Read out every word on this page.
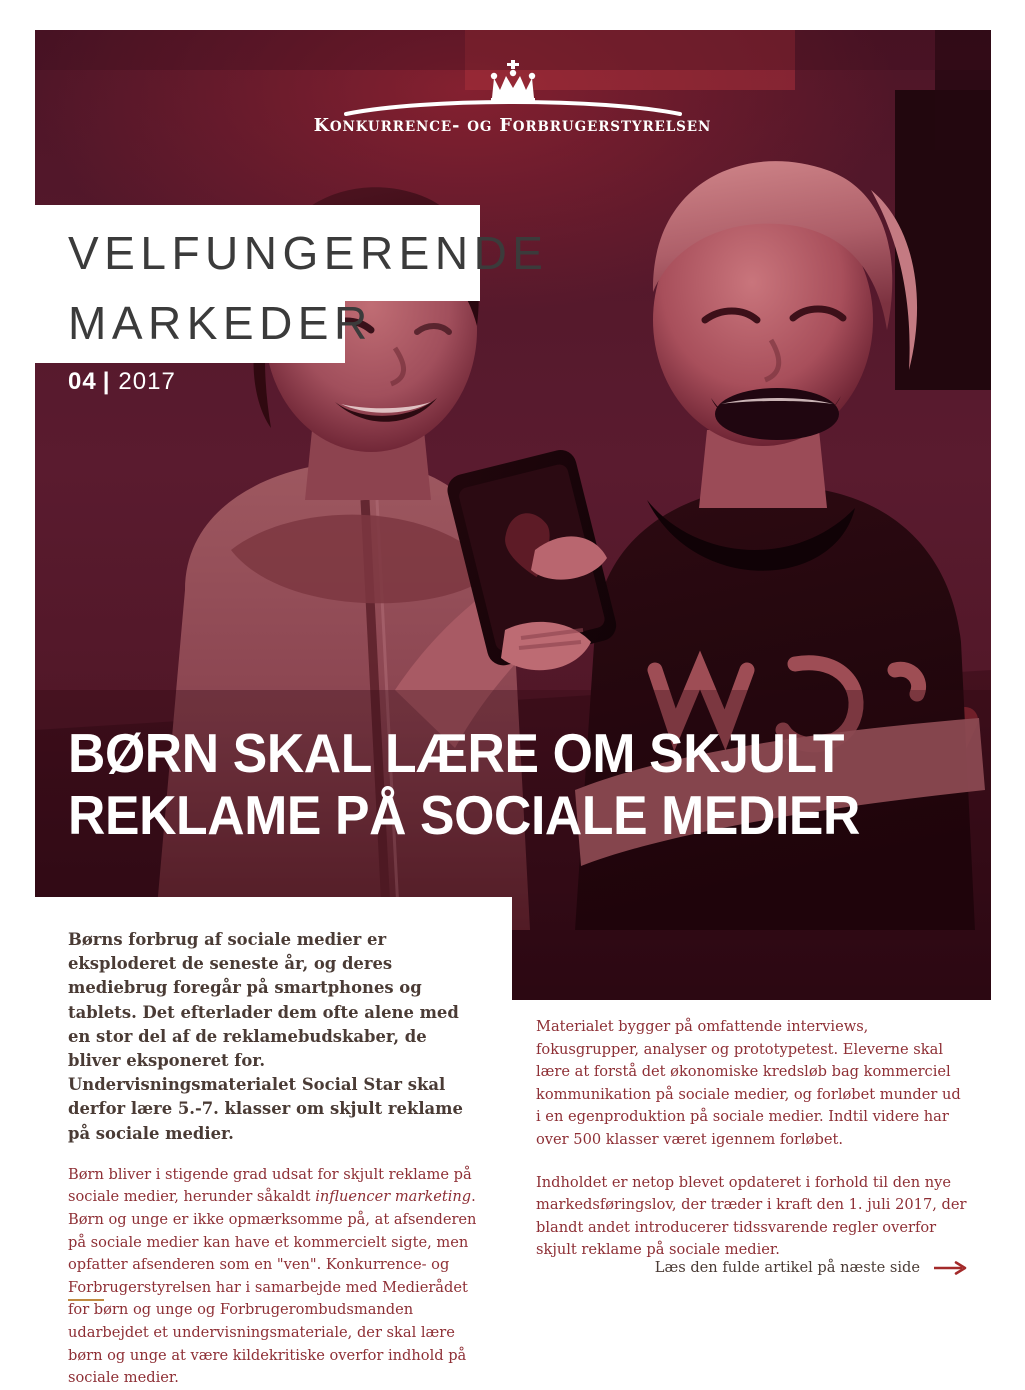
KONKURRENCE- OG FORBRUGERSTYRELSEN
VELFUNGERENDE
MARKEDER
04 | 2017
BØRN SKAL LÆRE OM SKJULT
REKLAME PÅ SOCIALE MEDIER

Børns forbrug af sociale medier er eksploderet de seneste år, og deres mediebrug foregår på smartphones og tablets. Det efterlader dem ofte alene med en stor del af de reklamebudskaber, de bliver eksponeret for. Undervisningsmaterialet Social Star skal derfor lære 5.-7. klasser om skjult reklame på sociale medier.

Børn bliver i stigende grad udsat for skjult reklame på sociale medier, herunder såkaldt influencer marketing. Børn og unge er ikke opmærksomme på, at afsenderen på sociale medier kan have et kommercielt sigte, men opfatter afsenderen som en "ven". Konkurrence- og Forbrugerstyrelsen har i samarbejde med Medierådet for børn og unge og Forbrugerombudsmanden udarbejdet et undervisningsmateriale, der skal lære børn og unge at være kildekritiske overfor indhold på sociale medier.

Materialet bygger på omfattende interviews, fokusgrupper, analyser og prototypetest. Eleverne skal lære at forstå det økonomiske kredsløb bag kommerciel kommunikation på sociale medier, og forløbet munder ud i en egenproduktion på sociale medier. Indtil videre har over 500 klasser været igennem forløbet.

Indholdet er netop blevet opdateret i forhold til den nye markedsføringslov, der træder i kraft den 1. juli 2017, der blandt andet introducerer tidssvarende regler overfor skjult reklame på sociale medier.

Læs den fulde artikel på næste side
